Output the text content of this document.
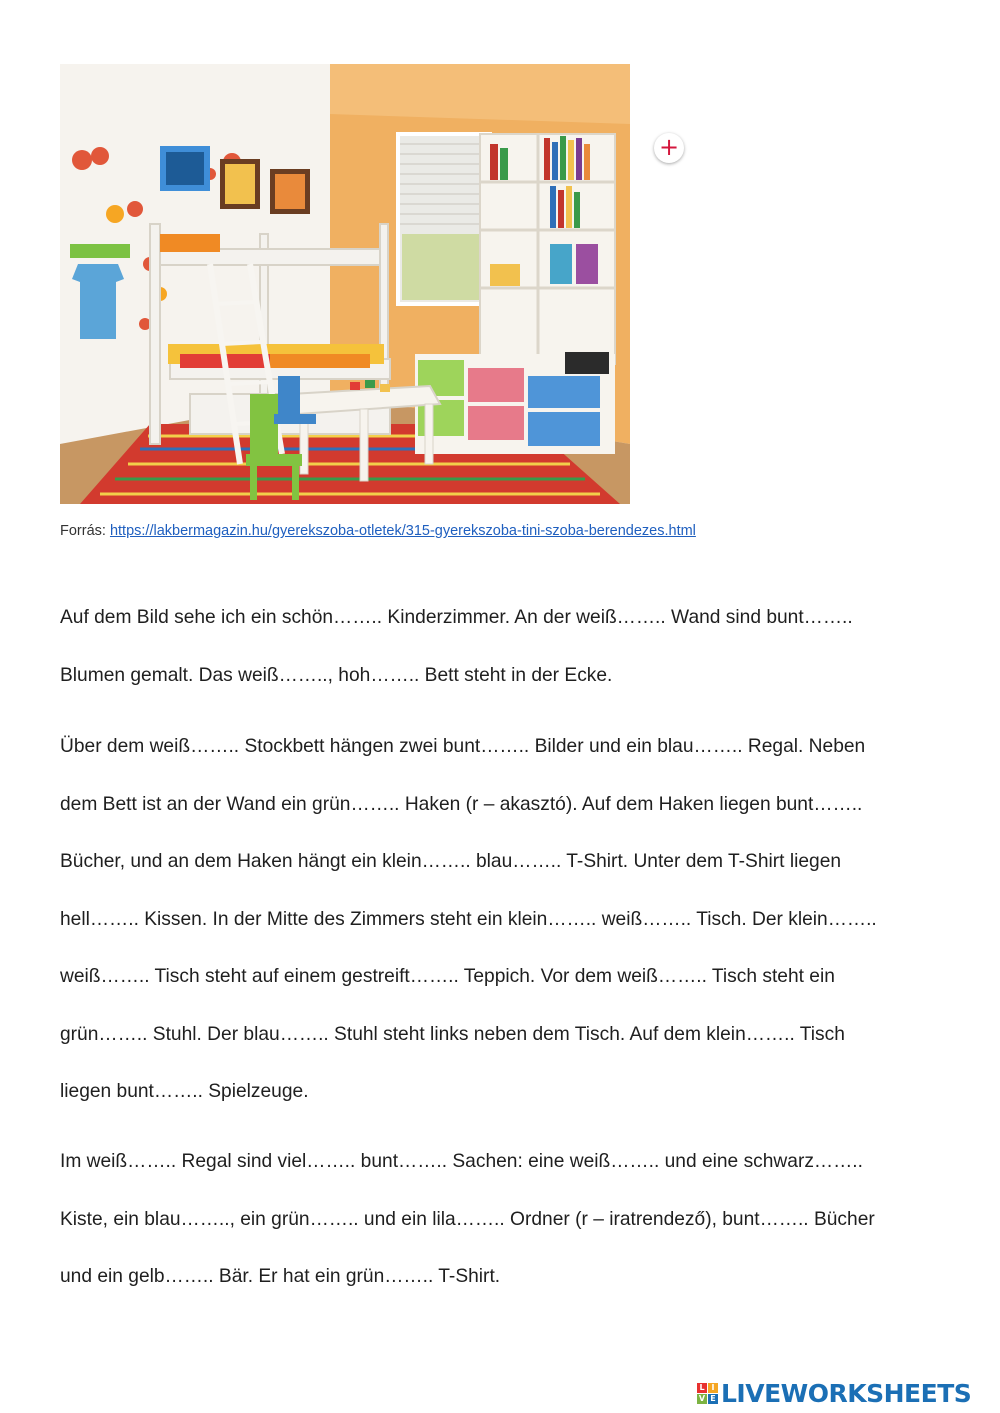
+
Forrás: https://lakbermagazin.hu/gyerekszoba-otletek/315-gyerekszoba-tini-szoba-berendezes.html
Auf dem Bild sehe ich ein schön…….. Kinderzimmer. An der weiß…….. Wand sind bunt……..
Blumen gemalt. Das weiß…….., hoh…….. Bett steht in der Ecke.
Über dem weiß…….. Stockbett hängen zwei bunt…….. Bilder und ein blau…….. Regal. Neben
dem Bett ist an der Wand ein grün…….. Haken (r – akasztó). Auf dem Haken liegen bunt……..
Bücher, und an dem Haken hängt ein klein…….. blau…….. T-Shirt. Unter dem T-Shirt liegen
hell…….. Kissen. In der Mitte des Zimmers steht ein klein…….. weiß…….. Tisch. Der klein……..
weiß…….. Tisch steht auf einem gestreift…….. Teppich. Vor dem weiß…….. Tisch steht ein
grün…….. Stuhl. Der blau…….. Stuhl steht links neben dem Tisch. Auf dem klein…….. Tisch
liegen bunt…….. Spielzeuge.
Im weiß…….. Regal sind viel…….. bunt…….. Sachen: eine weiß…….. und eine schwarz……..
Kiste, ein blau…….., ein grün…….. und ein lila…….. Ordner (r – iratrendező), bunt…….. Bücher
und ein gelb…….. Bär. Er hat ein grün…….. T-Shirt.
L I
V E LIVEWORKSHEETS
